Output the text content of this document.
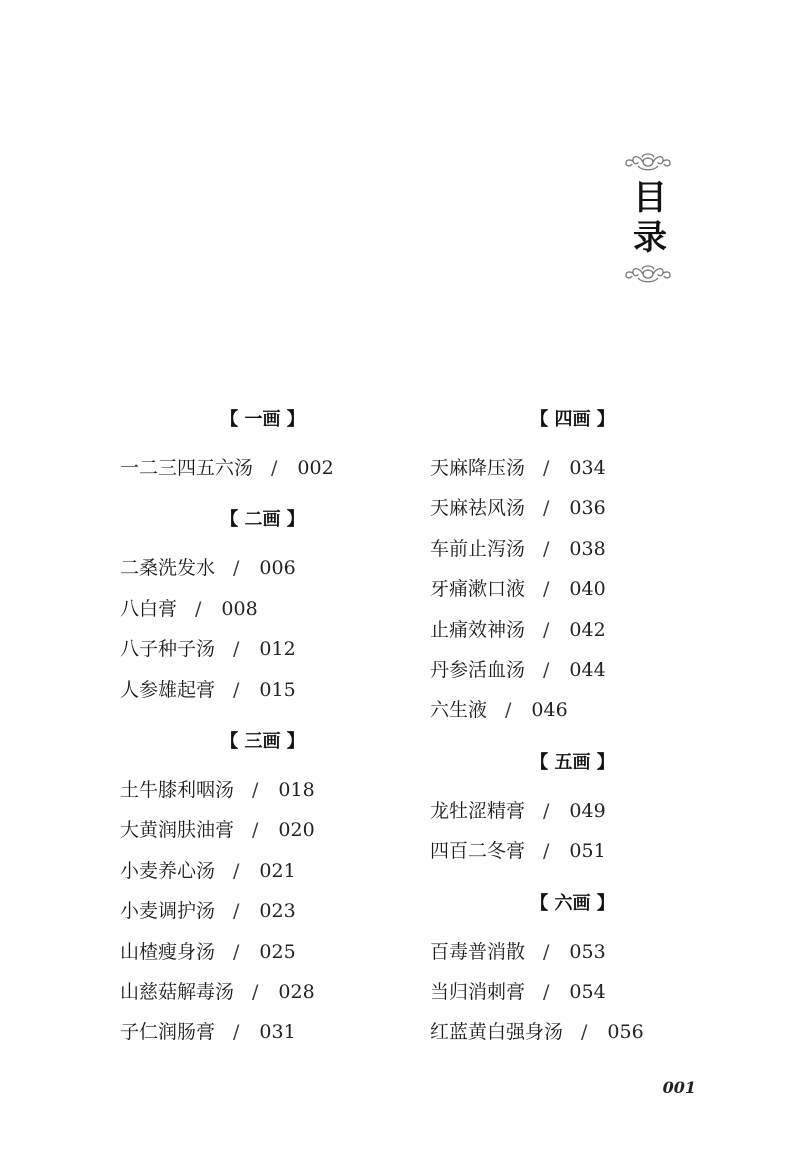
目
录
【 一画 】
一二三四五六汤 / 002
【 二画 】
二桑洗发水 / 006
八白膏 / 008
八子种子汤 / 012
人参雄起膏 / 015
【 三画 】
土牛膝利咽汤 / 018
大黄润肤油膏 / 020
小麦养心汤 / 021
小麦调护汤 / 023
山楂瘦身汤 / 025
山慈菇解毒汤 / 028
子仁润肠膏 / 031
【 四画 】
天麻降压汤 / 034
天麻祛风汤 / 036
车前止泻汤 / 038
牙痛漱口液 / 040
止痛效神汤 / 042
丹参活血汤 / 044
六生液 / 046
【 五画 】
龙牡涩精膏 / 049
四百二冬膏 / 051
【 六画 】
百毒普消散 / 053
当归消刺膏 / 054
红蓝黄白强身汤 / 056
001
